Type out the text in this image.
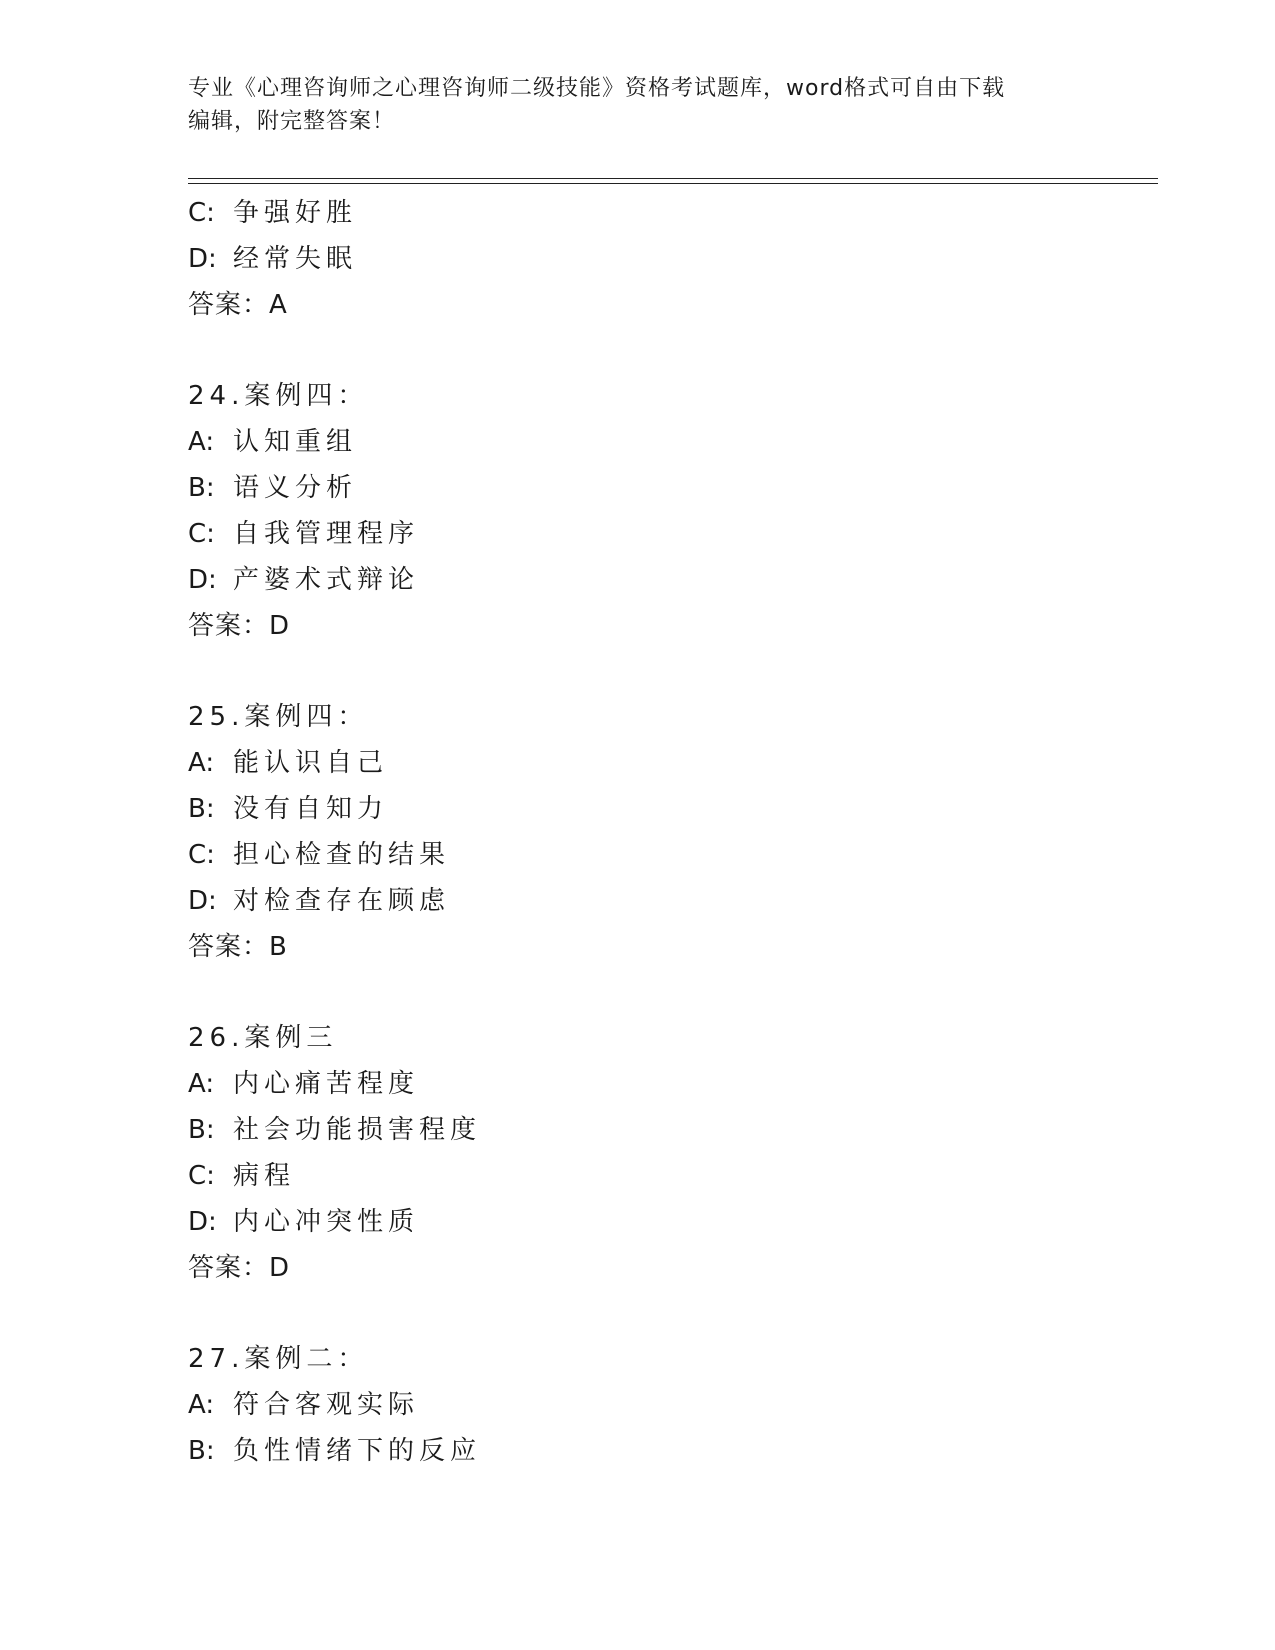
专业《心理咨询师之心理咨询师二级技能》资格考试题库，word格式可自由下载
编辑，附完整答案！
C: 争强好胜
D: 经常失眠
答案：A
24.案例四：
A: 认知重组
B: 语义分析
C: 自我管理程序
D: 产婆术式辩论
答案：D
25.案例四：
A: 能认识自己
B: 没有自知力
C: 担心检查的结果
D: 对检查存在顾虑
答案：B
26.案例三
A: 内心痛苦程度
B: 社会功能损害程度
C: 病程
D: 内心冲突性质
答案：D
27.案例二：
A: 符合客观实际
B: 负性情绪下的反应
